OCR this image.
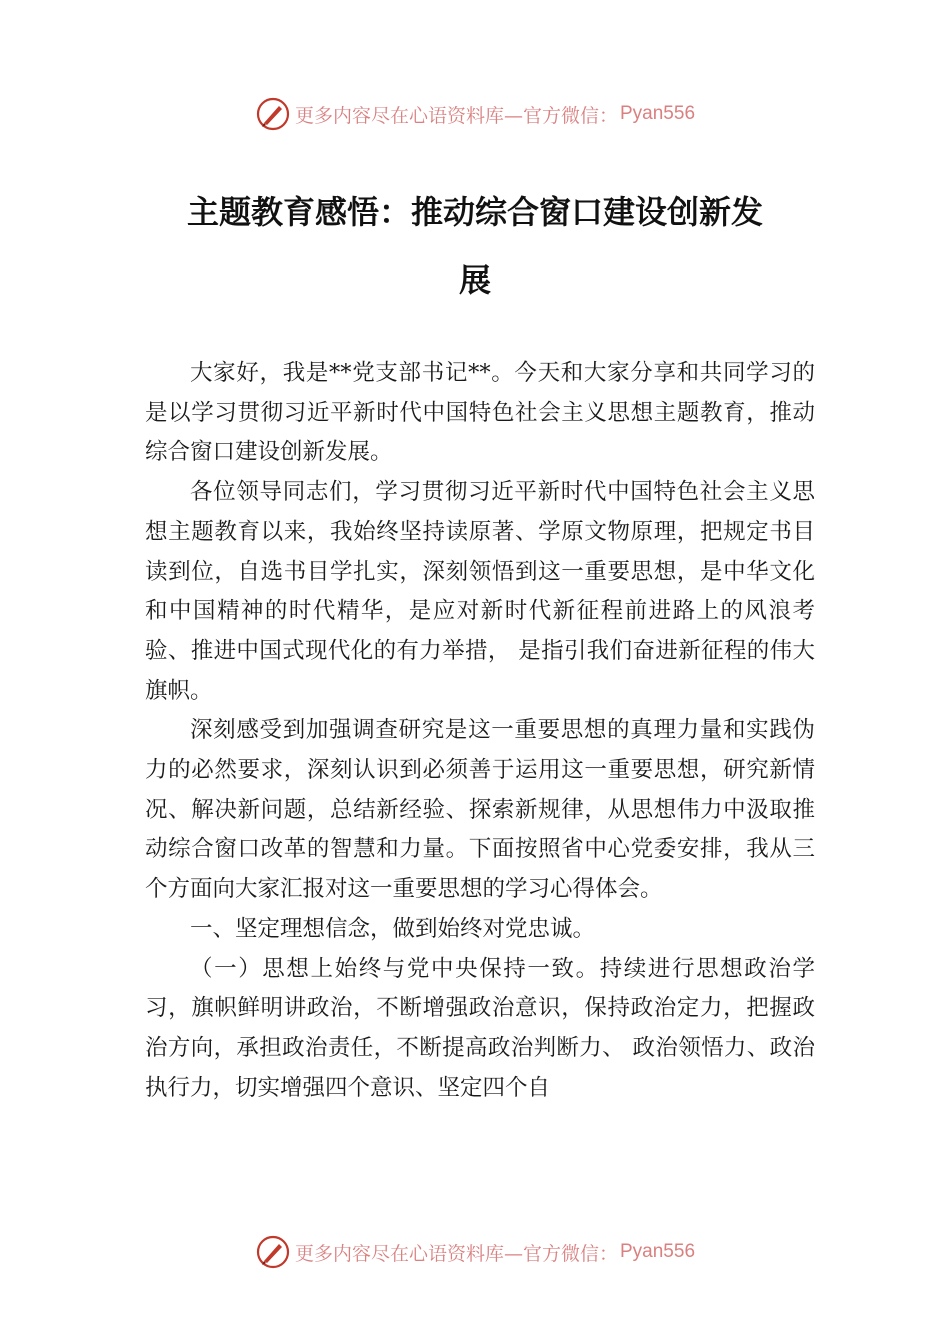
更多内容尽在心语资料库 —官方微信： Pyan556
主题教育感悟：推动综合窗口建设创新发
展

大家好，我是**党支部书记**。今天和大家分享和共同学习的是以学习贯彻习近平新时代中国特色社会主义思想主题教育，推动综合窗口建设创新发展。

各位领导同志们，学习贯彻习近平新时代中国特色社会主义思想主题教育以来，我始终坚持读原著、学原文物原理，把规定书目读到位，自选书目学扎实，深刻领悟到这一重要思想，是中华文化和中国精神的时代精华，是应对新时代新征程前进路上的风浪考验、推进中国式现代化的有力举措， 是指引我们奋进新征程的伟大旗帜。

深刻感受到加强调查研究是这一重要思想的真理力量和实践伪力的必然要求，深刻认识到必须善于运用这一重要思想，研究新情况、解决新问题，总结新经验、探索新规律，从思想伟力中汲取推动综合窗口改革的智慧和力量。下面按照省中心党委安排，我从三个方面向大家汇报对这一重要思想的学习心得体会。

一、坚定理想信念，做到始终对党忠诚。

（一）思想上始终与党中央保持一致。持续进行思想政治学习，旗帜鲜明讲政治，不断增强政治意识，保持政治定力，把握政治方向，承担政治责任，不断提高政治判断力、 政治领悟力、政治执行力，切实增强四个意识、坚定四个自

更多内容尽在心语资料库 —官方微信： Pyan556
